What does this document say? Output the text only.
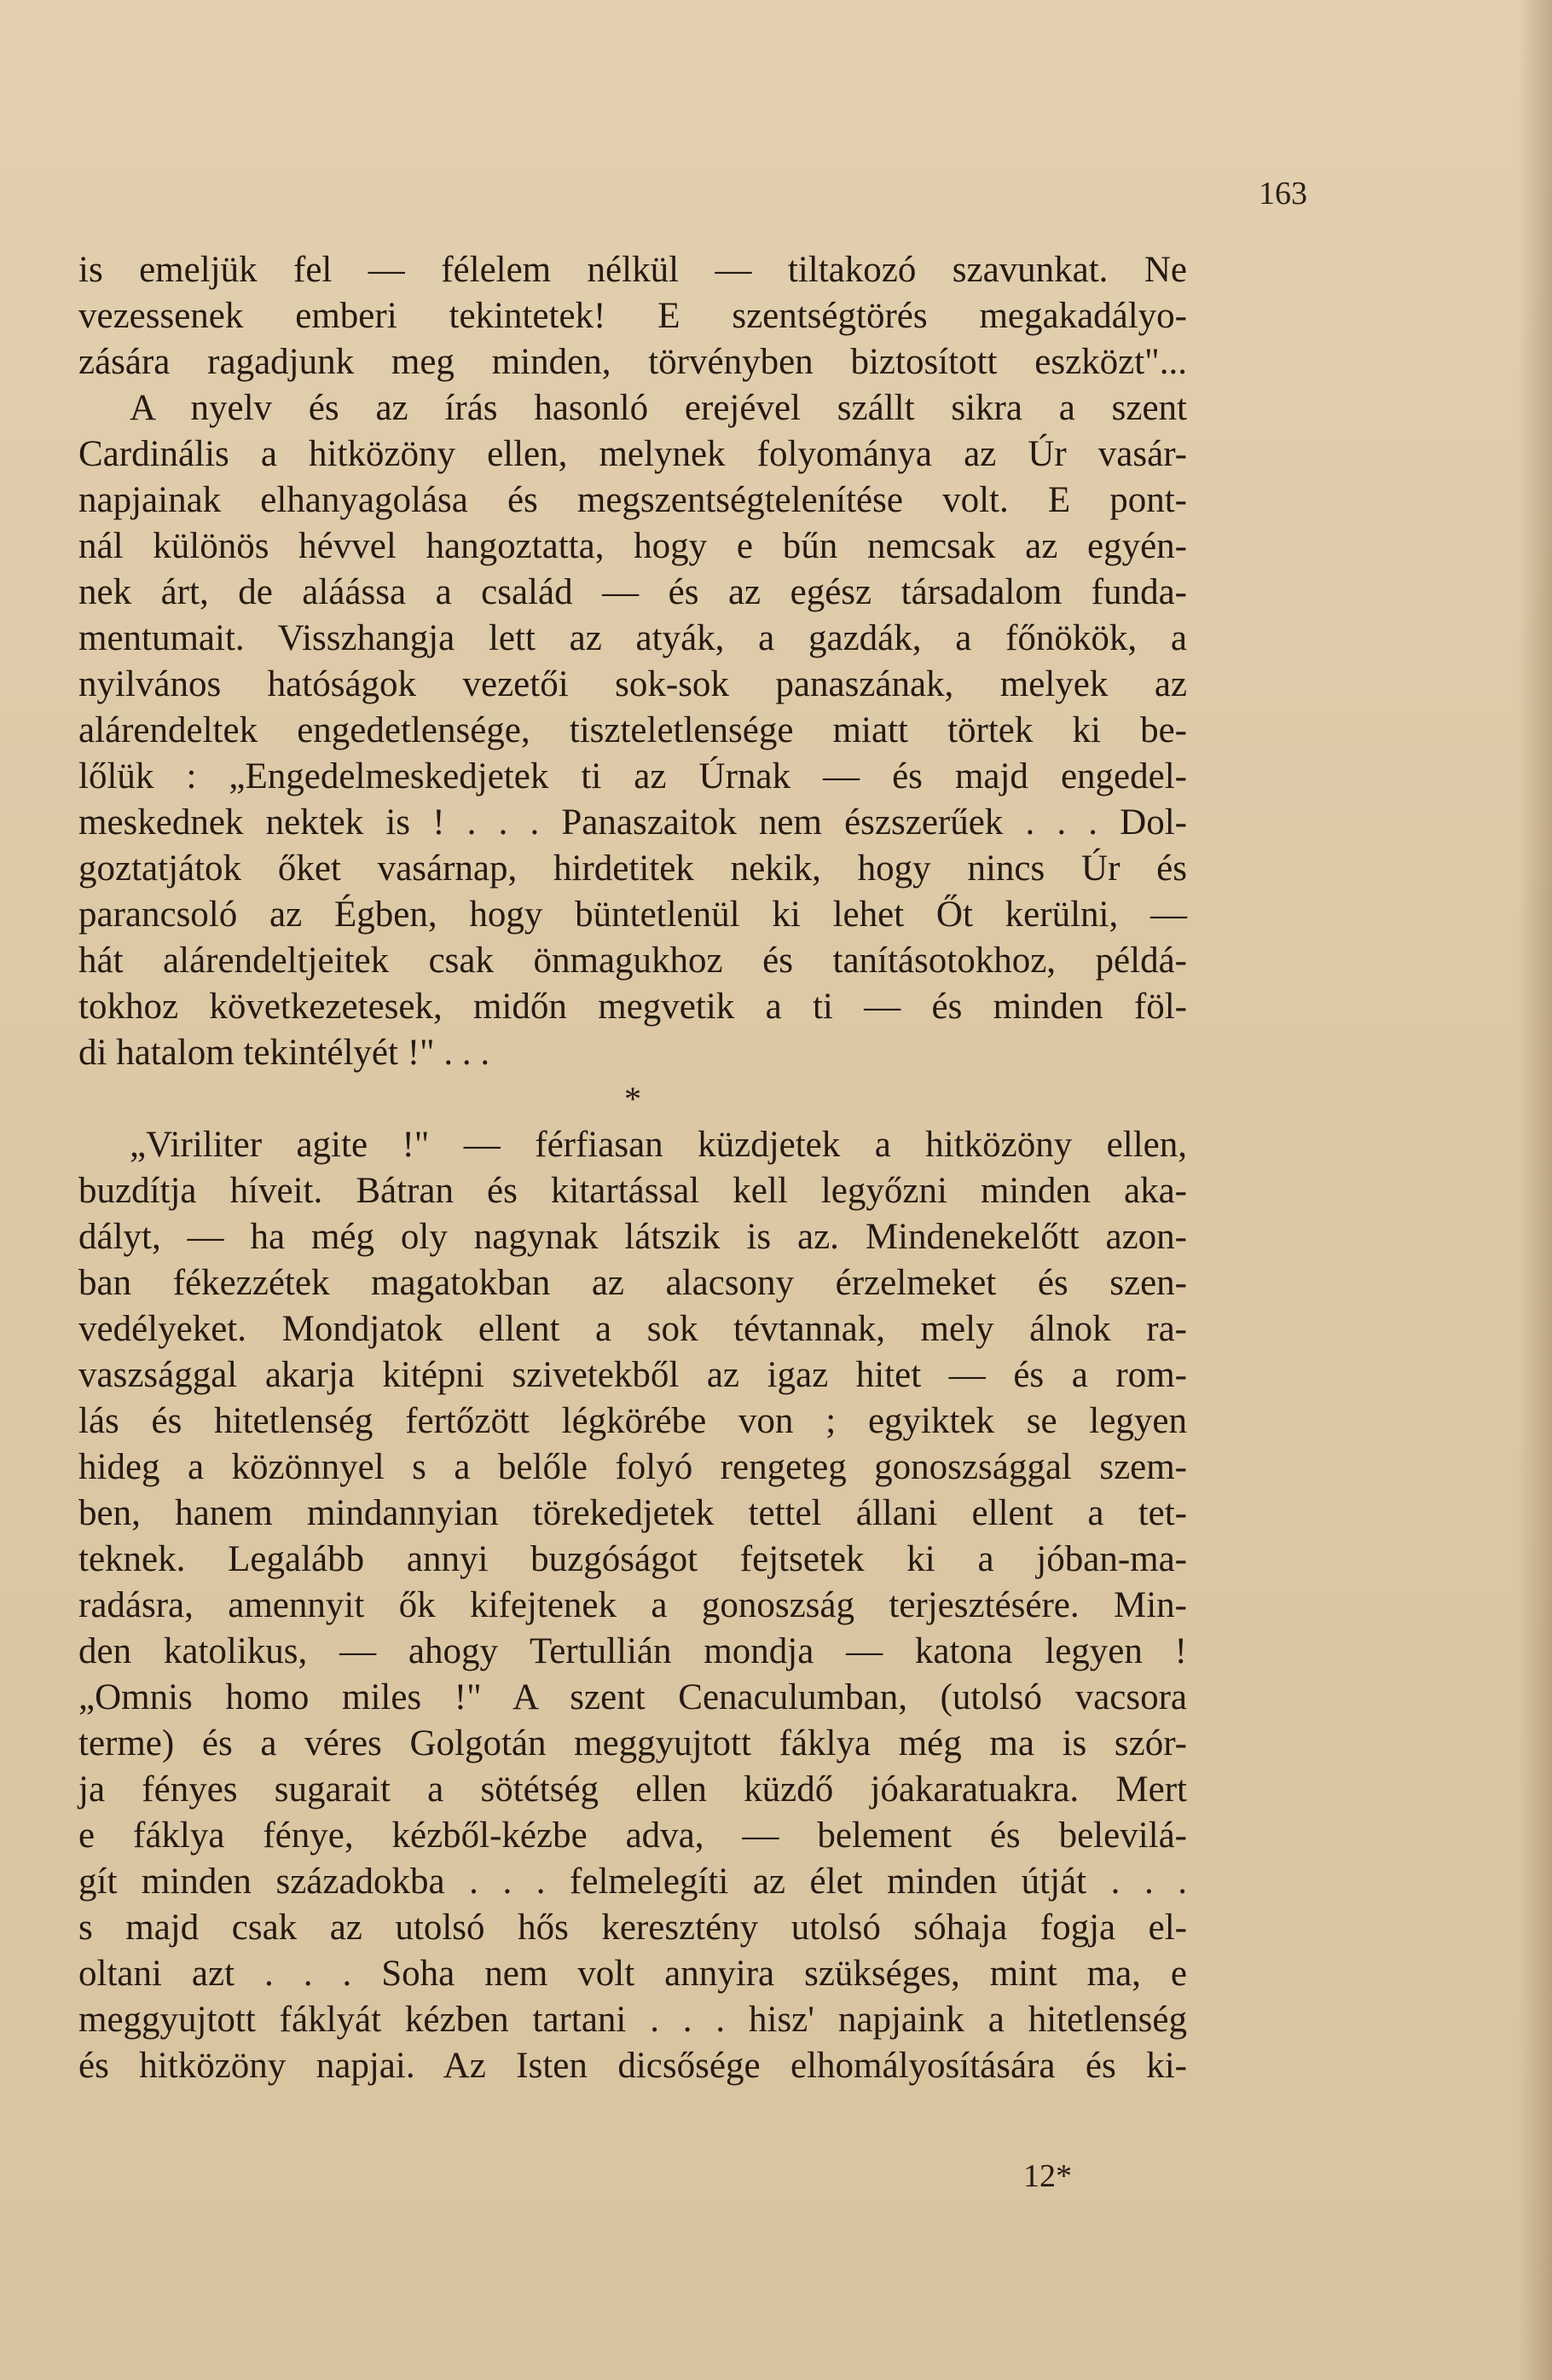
163
is emeljük fel — félelem nélkül — tiltakozó szavunkat. Ne
vezessenek emberi tekintetek! E szentségtörés megakadályo-
zására ragadjunk meg minden, törvényben biztosított eszközt"...
A nyelv és az írás hasonló erejével szállt sikra a szent
Cardinális a hitközöny ellen, melynek folyománya az Úr vasár-
napjainak elhanyagolása és megszentségtelenítése volt. E pont-
nál különös hévvel hangoztatta, hogy e bűn nemcsak az egyén-
nek árt, de aláássa a család — és az egész társadalom funda-
mentumait. Visszhangja lett az atyák, a gazdák, a főnökök, a
nyilvános hatóságok vezetői sok-sok panaszának, melyek az
alárendeltek engedetlensége, tiszteletlensége miatt törtek ki be-
lőlük : „Engedelmeskedjetek ti az Úrnak — és majd engedel-
meskednek nektek is ! . . . Panaszaitok nem észszerűek . . . Dol-
goztatjátok őket vasárnap, hirdetitek nekik, hogy nincs Úr és
parancsoló az Égben, hogy büntetlenül ki lehet Őt kerülni, —
hát alárendeltjeitek csak önmagukhoz és tanításotokhoz, példá-
tokhoz következetesek, midőn megvetik a ti — és minden föl-
di hatalom tekintélyét !" . . .
*
„Viriliter agite !" — férfiasan küzdjetek a hitközöny ellen,
buzdítja híveit. Bátran és kitartással kell legyőzni minden aka-
dályt, — ha még oly nagynak látszik is az. Mindenekelőtt azon-
ban fékezzétek magatokban az alacsony érzelmeket és szen-
vedélyeket. Mondjatok ellent a sok tévtannak, mely álnok ra-
vaszsággal akarja kitépni szivetekből az igaz hitet — és a rom-
lás és hitetlenség fertőzött légkörébe von ; egyiktek se legyen
hideg a közönnyel s a belőle folyó rengeteg gonoszsággal szem-
ben, hanem mindannyian törekedjetek tettel állani ellent a tet-
teknek. Legalább annyi buzgóságot fejtsetek ki a jóban-ma-
radásra, amennyit ők kifejtenek a gonoszság terjesztésére. Min-
den katolikus, — ahogy Tertullián mondja — katona legyen !
„Omnis homo miles !" A szent Cenaculumban, (utolsó vacsora
terme) és a véres Golgotán meggyujtott fáklya még ma is szór-
ja fényes sugarait a sötétség ellen küzdő jóakaratuakra. Mert
e fáklya fénye, kézből-kézbe adva, — belement és belevilá-
gít minden századokba . . . felmelegíti az élet minden útját . . .
s majd csak az utolsó hős keresztény utolsó sóhaja fogja el-
oltani azt . . . Soha nem volt annyira szükséges, mint ma, e
meggyujtott fáklyát kézben tartani . . . hisz' napjaink a hitetlenség
és hitközöny napjai. Az Isten dicsősége elhomályosítására és ki-
12*
